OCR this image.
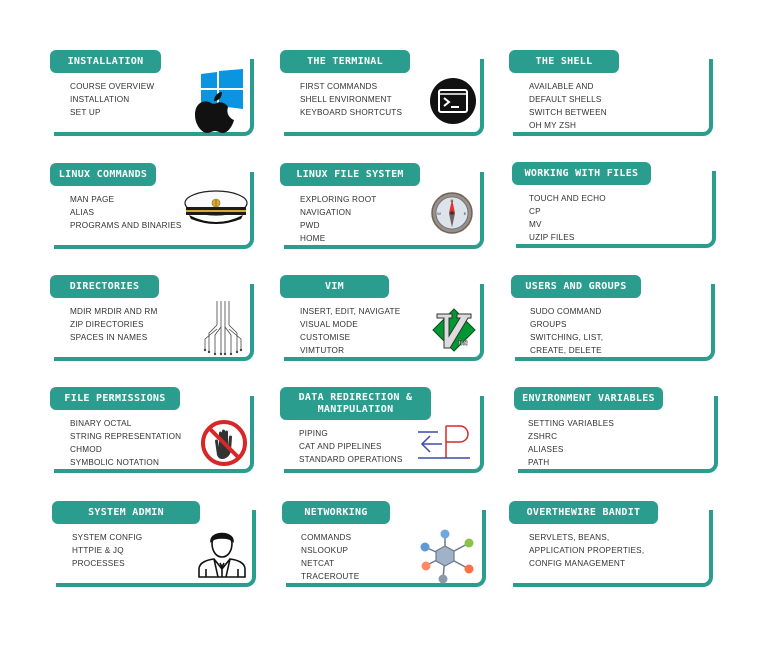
INSTALLATION
COURSE OVERVIEW
INSTALLATION
SET UP
THE TERMINAL
FIRST COMMANDS
SHELL ENVIRONMENT
KEYBOARD SHORTCUTS
THE SHELL
AVAILABLE AND
DEFAULT SHELLS
SWITCH BETWEEN
OH MY ZSH
LINUX COMMANDS
MAN PAGE
ALIAS
PROGRAMS AND BINARIES
LINUX FILE SYSTEM
EXPLORING ROOT
NAVIGATION
PWD
HOME
N
W	E
WORKING WITH FILES
TOUCH AND ECHO
CP
MV
UZIP FILES
DIRECTORIES
MDIR MRDIR AND RM
ZIP DIRECTORIES
SPACES IN NAMES
VIM
INSERT, EDIT, NAVIGATE
VISUAL MODE
CUSTOMISE
VIMTUTOR
im
USERS AND GROUPS
SUDO COMMAND
GROUPS
SWITCHING, LIST,
CREATE, DELETE
FILE PERMISSIONS
BINARY OCTAL
STRING REPRESENTATION
CHMOD
SYMBOLIC NOTATION
DATA REDIRECTION & MANIPULATION
PIPING
CAT AND PIPELINES
STANDARD OPERATIONS
ENVIRONMENT VARIABLES
SETTING VARIABLES
ZSHRC
ALIASES
PATH
SYSTEM ADMIN
SYSTEM CONFIG
HTTPIE & JQ
PROCESSES
NETWORKING
COMMANDS
NSLOOKUP
NETCAT
TRACEROUTE
OVERTHEWIRE BANDIT
SERVLETS, BEANS,
APPLICATION PROPERTIES,
CONFIG MANAGEMENT
